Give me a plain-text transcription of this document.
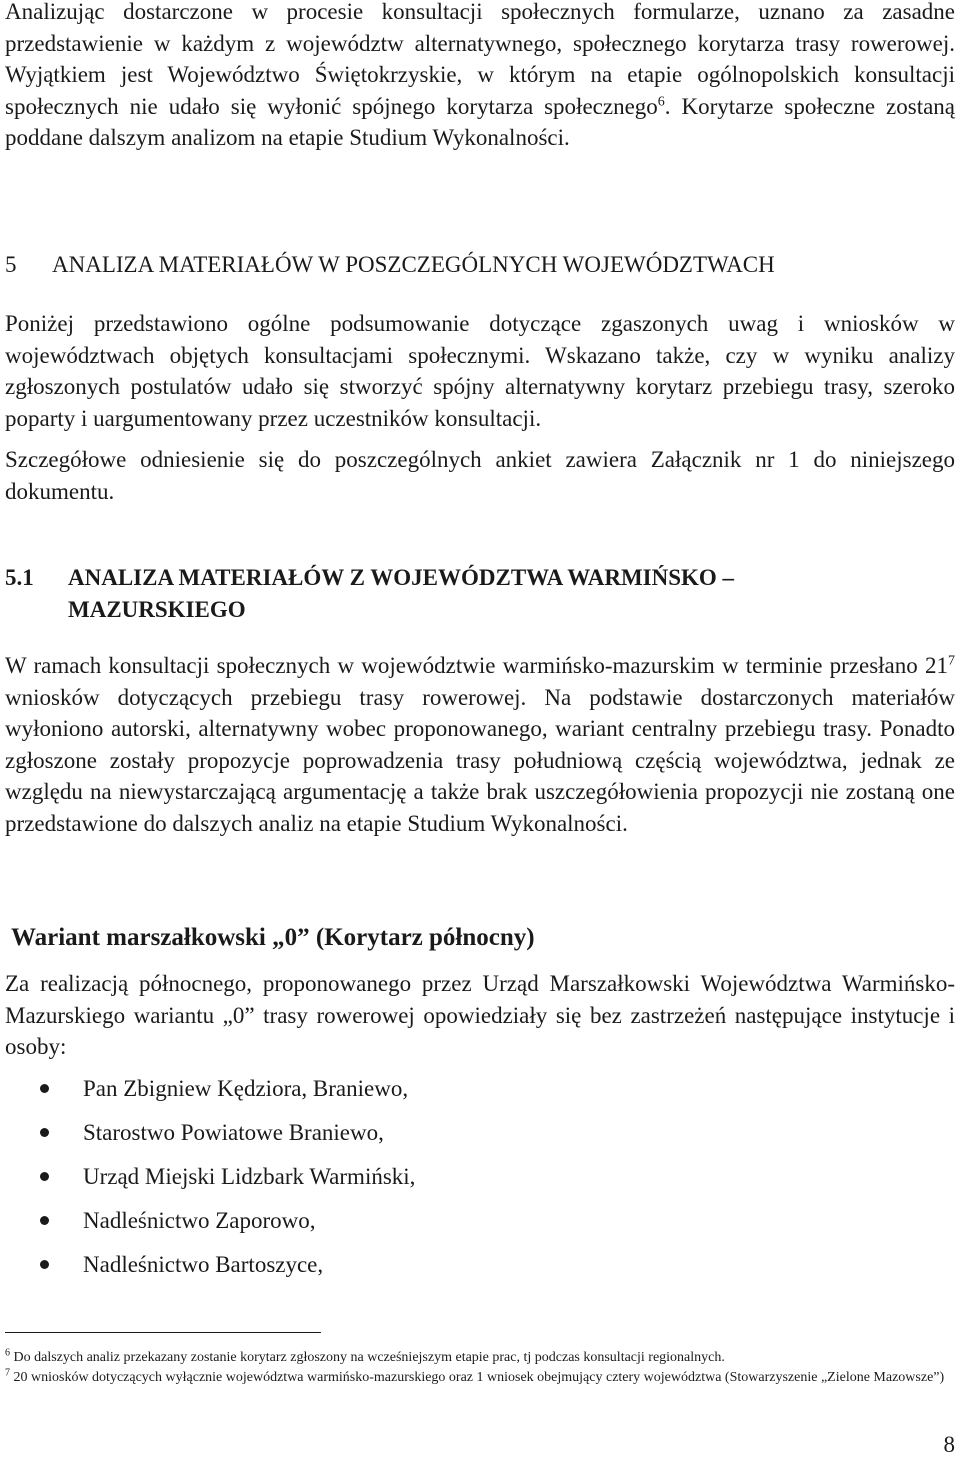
Analizując dostarczone w procesie konsultacji społecznych formularze, uznano za zasadne przedstawienie w każdym z województw alternatywnego, społecznego korytarza trasy rowerowej. Wyjątkiem jest Województwo Świętokrzyskie, w którym na etapie ogólnopolskich konsultacji społecznych nie udało się wyłonić spójnego korytarza społecznego$^6$. Korytarze społeczne zostaną poddane dalszym analizom na etapie Studium Wykonalności.

5 ANALIZA MATERIAŁÓW W POSZCZEGÓLNYCH WOJEWÓDZTWACH

Poniżej przedstawiono ogólne podsumowanie dotyczące zgaszonych uwag i wniosków w województwach objętych konsultacjami społecznymi. Wskazano także, czy w wyniku analizy zgłoszonych postulatów udało się stworzyć spójny alternatywny korytarz przebiegu trasy, szeroko poparty i uargumentowany przez uczestników konsultacji.

Szczegółowe odniesienie się do poszczególnych ankiet zawiera Załącznik nr 1 do niniejszego dokumentu.

5.1 ANALIZA MATERIAŁÓW Z WOJEWÓDZTWA WARMIŃSKO –
MAZURSKIEGO

W ramach konsultacji społecznych w województwie warmińsko-mazurskim w terminie przesłano $21^7$ wniosków dotyczących przebiegu trasy rowerowej. Na podstawie dostarczonych materiałów wyłoniono autorski, alternatywny wobec proponowanego, wariant centralny przebiegu trasy. Ponadto zgłoszone zostały propozycje poprowadzenia trasy południową częścią województwa, jednak ze względu na niewystarczającą argumentację a także brak uszczegółowienia propozycji nie zostaną one przedstawione do dalszych analiz na etapie Studium Wykonalności.

Wariant marszałkowski „0” (Korytarz północny)

Za realizacją północnego, proponowanego przez Urząd Marszałkowski Województwa Warmińsko-Mazurskiego wariantu „0” trasy rowerowej opowiedziały się bez zastrzeżeń następujące instytucje i osoby:

Pan Zbigniew Kędziora, Braniewo,
Starostwo Powiatowe Braniewo,
Urząd Miejski Lidzbark Warmiński,
Nadleśnictwo Zaporowo,
Nadleśnictwo Bartoszyce,

$^6$ Do dalszych analiz przekazany zostanie korytarz zgłoszony na wcześniejszym etapie prac, tj podczas konsultacji regionalnych.

$^7$ 20 wniosków dotyczących wyłącznie województwa warmińsko-mazurskiego oraz 1 wniosek obejmujący cztery województwa (Stowarzyszenie „Zielone Mazowsze”)

8
